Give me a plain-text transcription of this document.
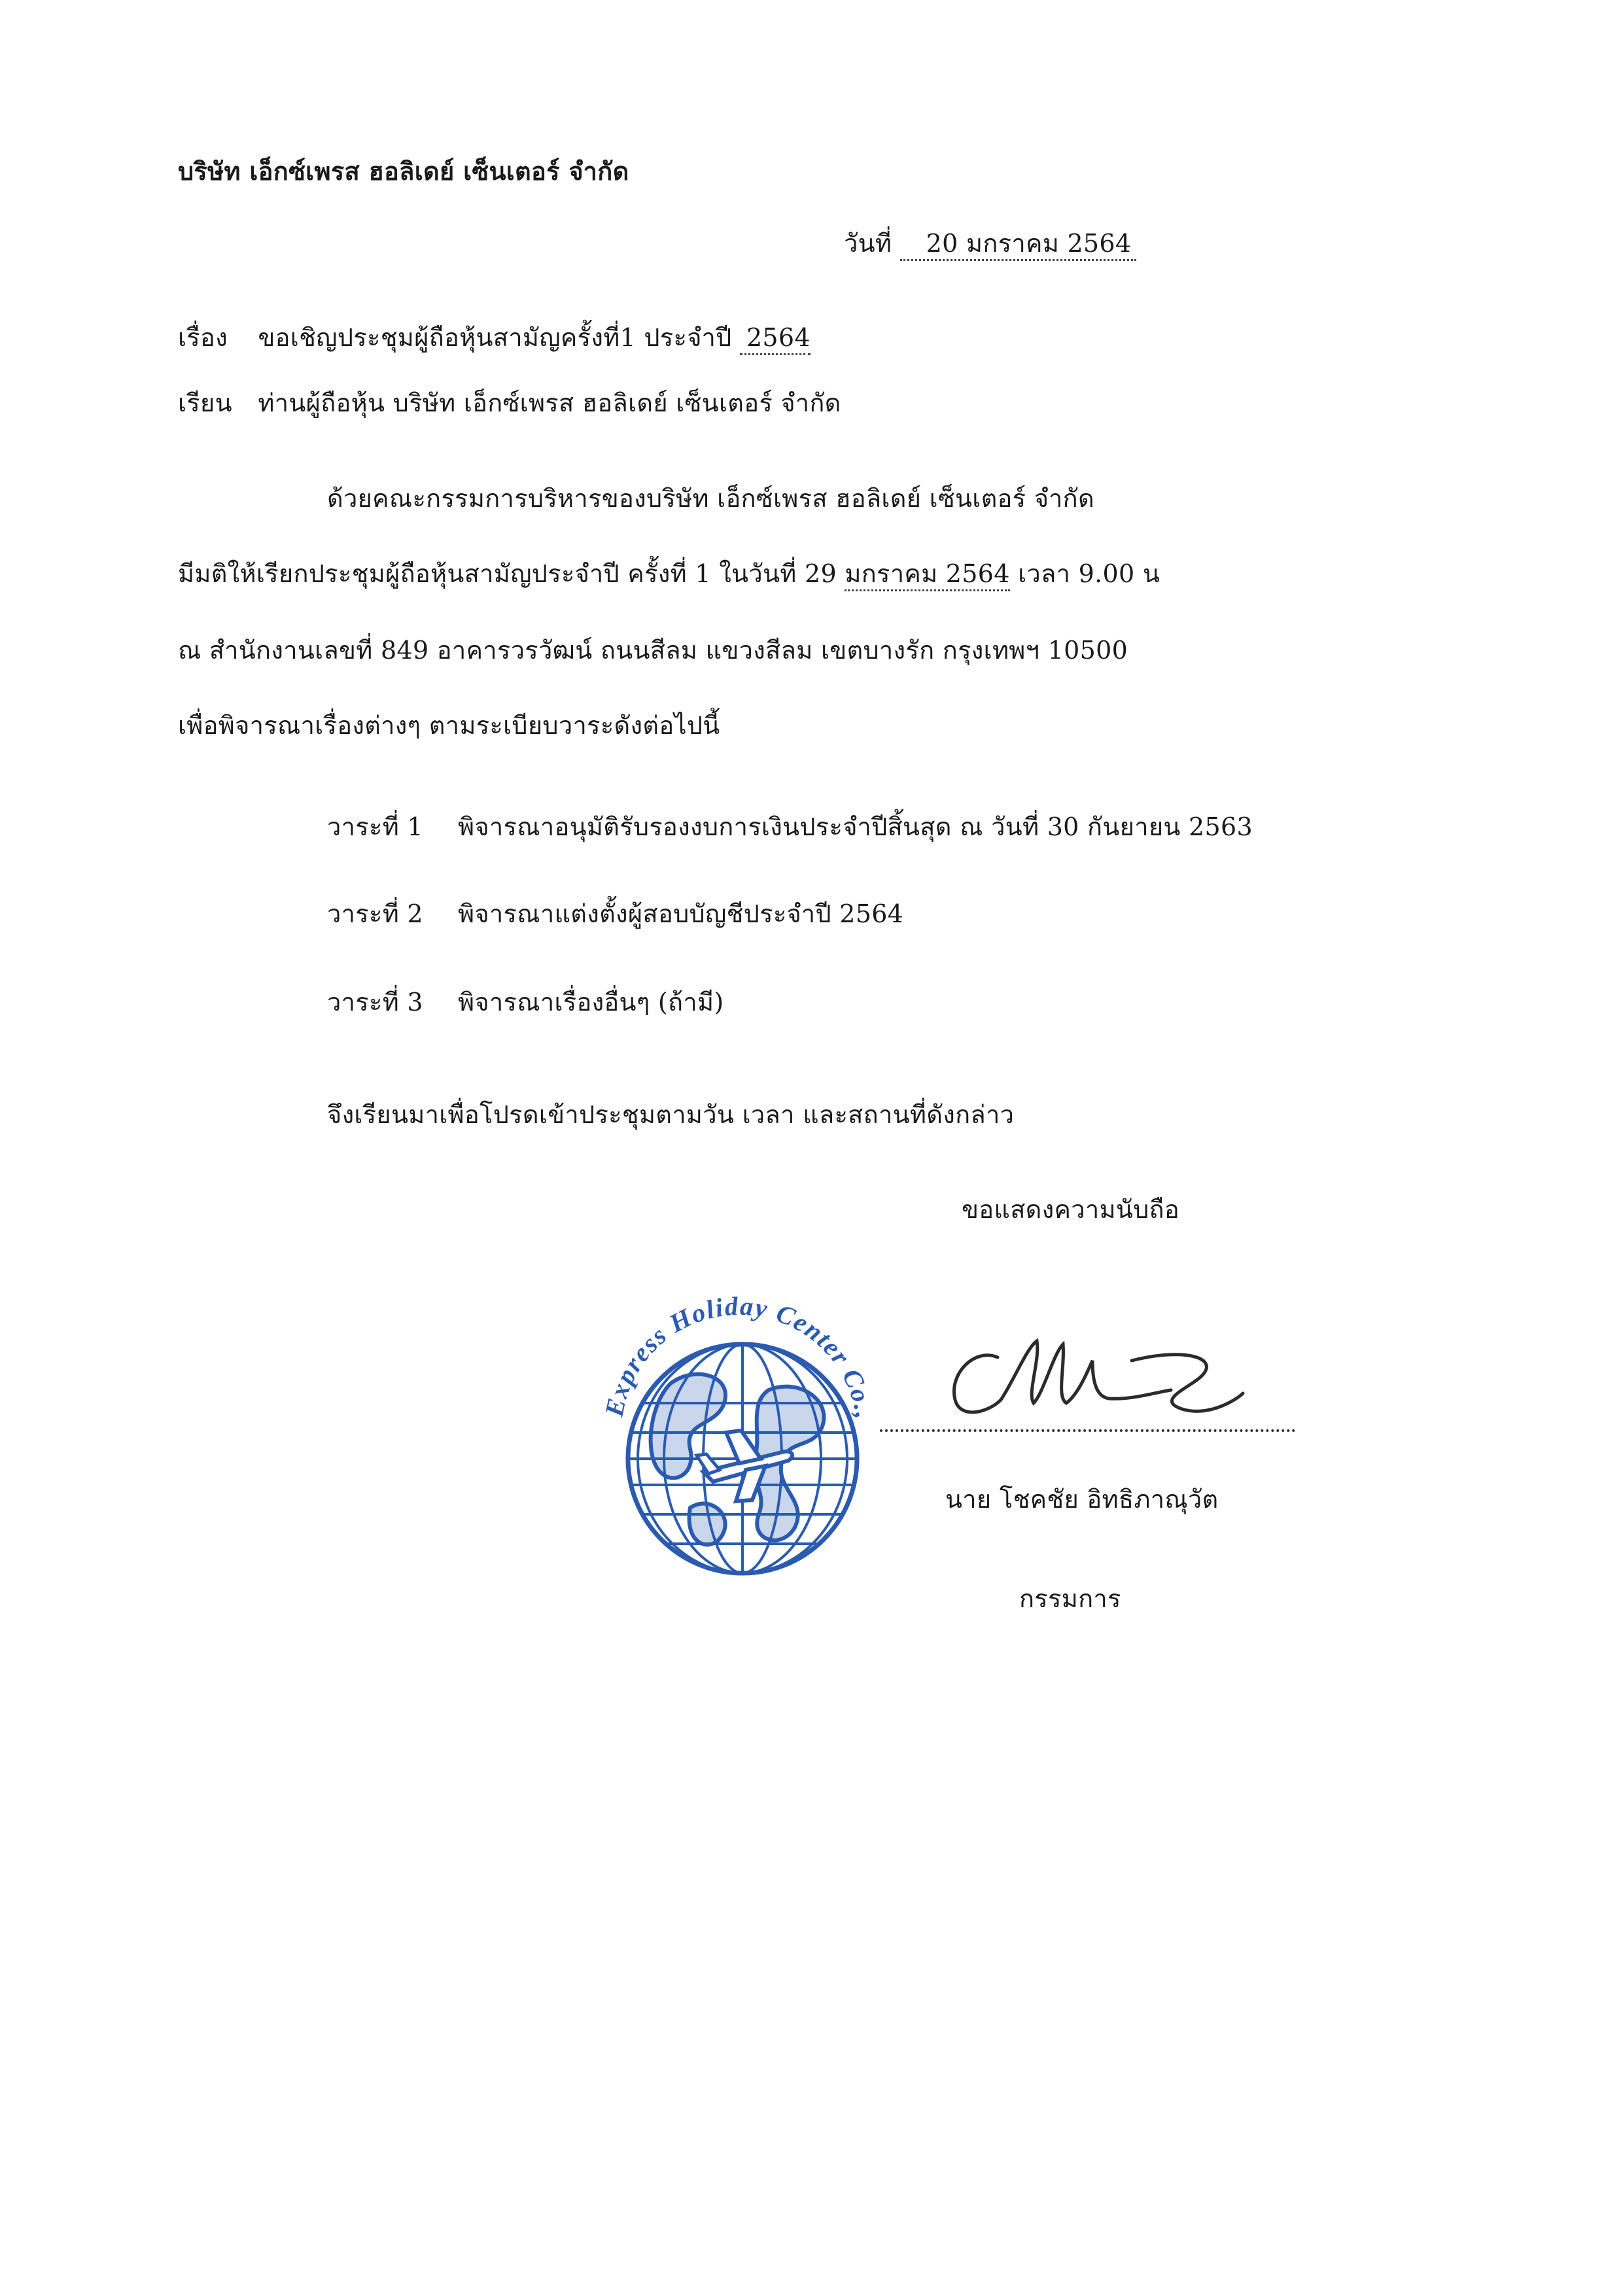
บริษัท เอ็กซ์เพรส ฮอลิเดย์ เซ็นเตอร์ จำกัด
วันที่ 20 มกราคม 2564
เรื่อง ขอเชิญประชุมผู้ถือหุ้นสามัญครั้งที่1 ประจำปี 2564
เรียน ท่านผู้ถือหุ้น บริษัท เอ็กซ์เพรส ฮอลิเดย์ เซ็นเตอร์ จำกัด
ด้วยคณะกรรมการบริหารของบริษัท เอ็กซ์เพรส ฮอลิเดย์ เซ็นเตอร์ จำกัด
มีมติให้เรียกประชุมผู้ถือหุ้นสามัญประจำปี ครั้งที่ 1 ในวันที่ 29 มกราคม 2564 เวลา 9.00 น
ณ สำนักงานเลขที่ 849 อาคารวรวัฒน์ ถนนสีลม แขวงสีลม เขตบางรัก กรุงเทพฯ 10500
เพื่อพิจารณาเรื่องต่างๆ ตามระเบียบวาระดังต่อไปนี้
วาระที่ 1 พิจารณาอนุมัติรับรองงบการเงินประจำปีสิ้นสุด ณ วันที่ 30 กันยายน 2563
วาระที่ 2 พิจารณาแต่งตั้งผู้สอบบัญชีประจำปี 2564
วาระที่ 3 พิจารณาเรื่องอื่นๆ (ถ้ามี)
จึงเรียนมาเพื่อโปรดเข้าประชุมตามวัน เวลา และสถานที่ดังกล่าว
ขอแสดงความนับถือ
Express Holiday Center Co.,
นาย โชคชัย อิทธิภาณุวัต
กรรมการ
